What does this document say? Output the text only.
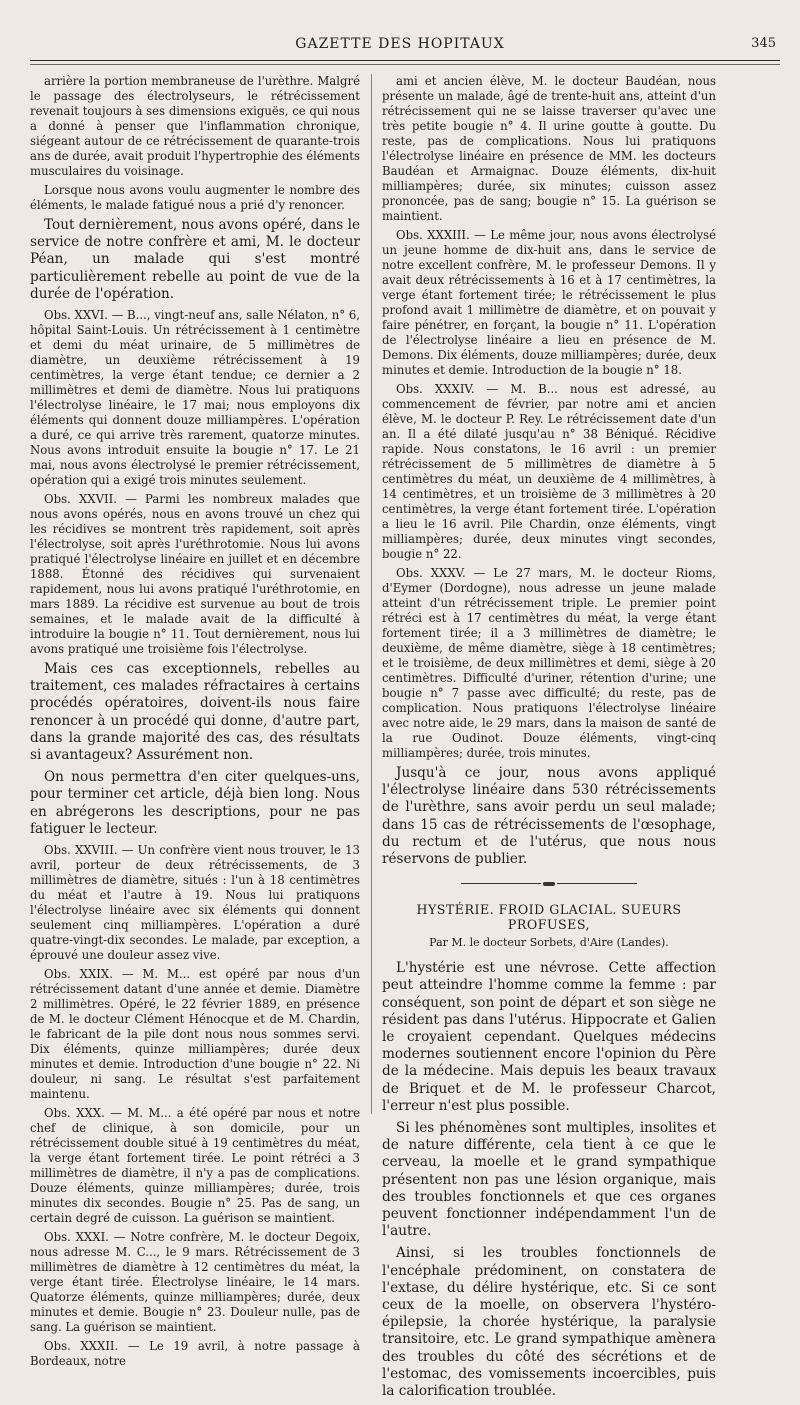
GAZETTE DES HOPITAUX	345

arrière la portion membraneuse de l'urèthre. Malgré le passage des électrolyseurs, le rétrécissement revenait toujours à ses dimensions exiguës, ce qui nous a donné à penser que l'inflammation chronique, siégeant autour de ce rétrécissement de quarante-trois ans de durée, avait produit l'hypertrophie des éléments musculaires du voisinage.

Lorsque nous avons voulu augmenter le nombre des éléments, le malade fatigué nous a prié d'y renoncer.

Tout dernièrement, nous avons opéré, dans le service de notre confrère et ami, M. le docteur Péan, un malade qui s'est montré particulièrement rebelle au point de vue de la durée de l'opération.

Obs. XXVI. — B..., vingt-neuf ans, salle Nélaton, n° 6, hôpital Saint-Louis. Un rétrécissement à 1 centimètre et demi du méat urinaire, de 5 millimètres de diamètre, un deuxième rétrécissement à 19 centimètres, la verge étant tendue; ce dernier a 2 millimètres et demi de diamètre. Nous lui pratiquons l'électrolyse linéaire, le 17 mai; nous employons dix éléments qui donnent douze milliampères. L'opération a duré, ce qui arrive très rarement, quatorze minutes. Nous avons introduit ensuite la bougie n° 17. Le 21 mai, nous avons électrolysé le premier rétrécissement, opération qui a exigé trois minutes seulement.

Obs. XXVII. — Parmi les nombreux malades que nous avons opérés, nous en avons trouvé un chez qui les récidives se montrent très rapidement, soit après l'électrolyse, soit après l'uréthrotomie. Nous lui avons pratiqué l'électrolyse linéaire en juillet et en décembre 1888. Étonné des récidives qui survenaient rapidement, nous lui avons pratiqué l'uréthrotomie, en mars 1889. La récidive est survenue au bout de trois semaines, et le malade avait de la difficulté à introduire la bougie n° 11. Tout dernièrement, nous lui avons pratiqué une troisième fois l'électrolyse.

Mais ces cas exceptionnels, rebelles au traitement, ces malades réfractaires à certains procédés opératoires, doivent-ils nous faire renoncer à un procédé qui donne, d'autre part, dans la grande majorité des cas, des résultats si avantageux? Assurément non.

On nous permettra d'en citer quelques-uns, pour terminer cet article, déjà bien long. Nous en abrégerons les descriptions, pour ne pas fatiguer le lecteur.

Obs. XXVIII. — Un confrère vient nous trouver, le 13 avril, porteur de deux rétrécissements, de 3 millimètres de diamètre, situés : l'un à 18 centimètres du méat et l'autre à 19. Nous lui pratiquons l'électrolyse linéaire avec six éléments qui donnent seulement cinq milliampères. L'opération a duré quatre-vingt-dix secondes. Le malade, par exception, a éprouvé une douleur assez vive.

Obs. XXIX. — M. M... est opéré par nous d'un rétrécissement datant d'une année et demie. Diamètre 2 millimètres. Opéré, le 22 février 1889, en présence de M. le docteur Clément Hénocque et de M. Chardin, le fabricant de la pile dont nous nous sommes servi. Dix éléments, quinze milliampères; durée deux minutes et demie. Introduction d'une bougie n° 22. Ni douleur, ni sang. Le résultat s'est parfaitement maintenu.

Obs. XXX. — M. M... a été opéré par nous et notre chef de clinique, à son domicile, pour un rétrécissement double situé à 19 centimètres du méat, la verge étant fortement tirée. Le point rétréci a 3 millimètres de diamètre, il n'y a pas de complications. Douze éléments, quinze milliampères; durée, trois minutes dix secondes. Bougie n° 25. Pas de sang, un certain degré de cuisson. La guérison se maintient.

Obs. XXXI. — Notre confrère, M. le docteur Degoix, nous adresse M. C..., le 9 mars. Rétrécissement de 3 millimètres de diamètre à 12 centimètres du méat, la verge étant tirée. Électrolyse linéaire, le 14 mars. Quatorze éléments, quinze milliampères; durée, deux minutes et demie. Bougie n° 23. Douleur nulle, pas de sang. La guérison se maintient.

Obs. XXXII. — Le 19 avril, à notre passage à Bordeaux, notre

ami et ancien élève, M. le docteur Baudéan, nous présente un malade, âgé de trente-huit ans, atteint d'un rétrécissement qui ne se laisse traverser qu'avec une très petite bougie n° 4. Il urine goutte à goutte. Du reste, pas de complications. Nous lui pratiquons l'électrolyse linéaire en présence de MM. les docteurs Baudéan et Armaignac. Douze éléments, dix-huit milliampères; durée, six minutes; cuisson assez prononcée, pas de sang; bougie n° 15. La guérison se maintient.

Obs. XXXIII. — Le même jour, nous avons électrolysé un jeune homme de dix-huit ans, dans le service de notre excellent confrère, M. le professeur Demons. Il y avait deux rétrécissements à 16 et à 17 centimètres, la verge étant fortement tirée; le rétrécissement le plus profond avait 1 millimètre de diamètre, et on pouvait y faire pénétrer, en forçant, la bougie n° 11. L'opération de l'électrolyse linéaire a lieu en présence de M. Demons. Dix éléments, douze milliampères; durée, deux minutes et demie. Introduction de la bougie n° 18.

Obs. XXXIV. — M. B... nous est adressé, au commencement de février, par notre ami et ancien élève, M. le docteur P. Rey. Le rétrécissement date d'un an. Il a été dilaté jusqu'au n° 38 Béniqué. Récidive rapide. Nous constatons, le 16 avril : un premier rétrécissement de 5 millimètres de diamètre à 5 centimètres du méat, un deuxième de 4 millimètres, à 14 centimètres, et un troisième de 3 millimètres à 20 centimètres, la verge étant fortement tirée. L'opération a lieu le 16 avril. Pile Chardin, onze éléments, vingt milliampères; durée, deux minutes vingt secondes, bougie n° 22.

Obs. XXXV. — Le 27 mars, M. le docteur Rioms, d'Eymer (Dordogne), nous adresse un jeune malade atteint d'un rétrécissement triple. Le premier point rétréci est à 17 centimètres du méat, la verge étant fortement tirée; il a 3 millimètres de diamètre; le deuxième, de même diamètre, siège à 18 centimètres; et le troisième, de deux millimètres et demi, siège à 20 centimètres. Difficulté d'uriner, rétention d'urine; une bougie n° 7 passe avec difficulté; du reste, pas de complication. Nous pratiquons l'électrolyse linéaire avec notre aide, le 29 mars, dans la maison de santé de la rue Oudinot. Douze éléments, vingt-cinq milliampères; durée, trois minutes.

Jusqu'à ce jour, nous avons appliqué l'électrolyse linéaire dans 530 rétrécissements de l'urèthre, sans avoir perdu un seul malade; dans 15 cas de rétrécissements de l'œsophage, du rectum et de l'utérus, que nous nous réservons de publier.

HYSTÉRIE. FROID GLACIAL. SUEURS PROFUSES,
Par M. le docteur Sorbets, d'Aire (Landes).

L'hystérie est une névrose. Cette affection peut atteindre l'homme comme la femme : par conséquent, son point de départ et son siège ne résident pas dans l'utérus. Hippocrate et Galien le croyaient cependant. Quelques médecins modernes soutiennent encore l'opinion du Père de la médecine. Mais depuis les beaux travaux de Briquet et de M. le professeur Charcot, l'erreur n'est plus possible.

Si les phénomènes sont multiples, insolites et de nature différente, cela tient à ce que le cerveau, la moelle et le grand sympathique présentent non pas une lésion organique, mais des troubles fonctionnels et que ces organes peuvent fonctionner indépendamment l'un de l'autre.

Ainsi, si les troubles fonctionnels de l'encéphale prédominent, on constatera de l'extase, du délire hystérique, etc. Si ce sont ceux de la moelle, on observera l'hystéro-épilepsie, la chorée hystérique, la paralysie transitoire, etc. Le grand sympathique amènera des troubles du côté des sécrétions et de l'estomac, des vomissements incoercibles, puis la calorification troublée.
